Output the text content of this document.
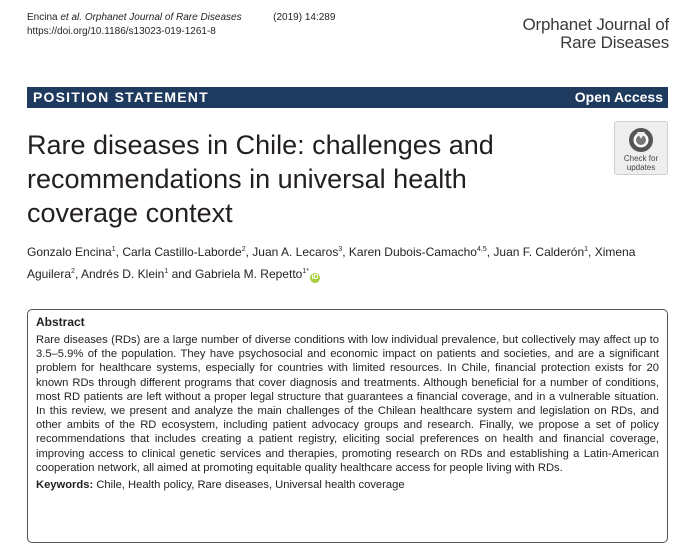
Encina et al. Orphanet Journal of Rare Diseases	(2019) 14:289
https://doi.org/10.1186/s13023-019-1261-8	Orphanet Journal of
Rare Diseases
POSITION STATEMENT	Open Access
Rare diseases in Chile: challenges and recommendations in universal health coverage context
Check for
updates
Gonzalo Encina$^1$, Carla Castillo-Laborde$^2$, Juan A. Lecaros$^3$, Karen Dubois-Camacho$^{4,5}$, Juan F. Calderón$^1$, Ximena Aguilera$^2$, Andrés D. Klein$^1$ and Gabriela M. Repetto$^{1*}$iD
Abstract
Rare diseases (RDs) are a large number of diverse conditions with low individual prevalence, but collectively may affect up to 3.5–5.9% of the population. They have psychosocial and economic impact on patients and societies, and are a significant problem for healthcare systems, especially for countries with limited resources. In Chile, financial protection exists for 20 known RDs through different programs that cover diagnosis and treatments. Although beneficial for a number of conditions, most RD patients are left without a proper legal structure that guarantees a financial coverage, and in a vulnerable situation. In this review, we present and analyze the main challenges of the Chilean healthcare system and legislation on RDs, and other ambits of the RD ecosystem, including patient advocacy groups and research. Finally, we propose a set of policy recommendations that includes creating a patient registry, eliciting social preferences on health and financial coverage, improving access to clinical genetic services and therapies, promoting research on RDs and establishing a Latin-American cooperation network, all aimed at promoting equitable quality healthcare access for people living with RDs.
Keywords: Chile, Health policy, Rare diseases, Universal health coverage
